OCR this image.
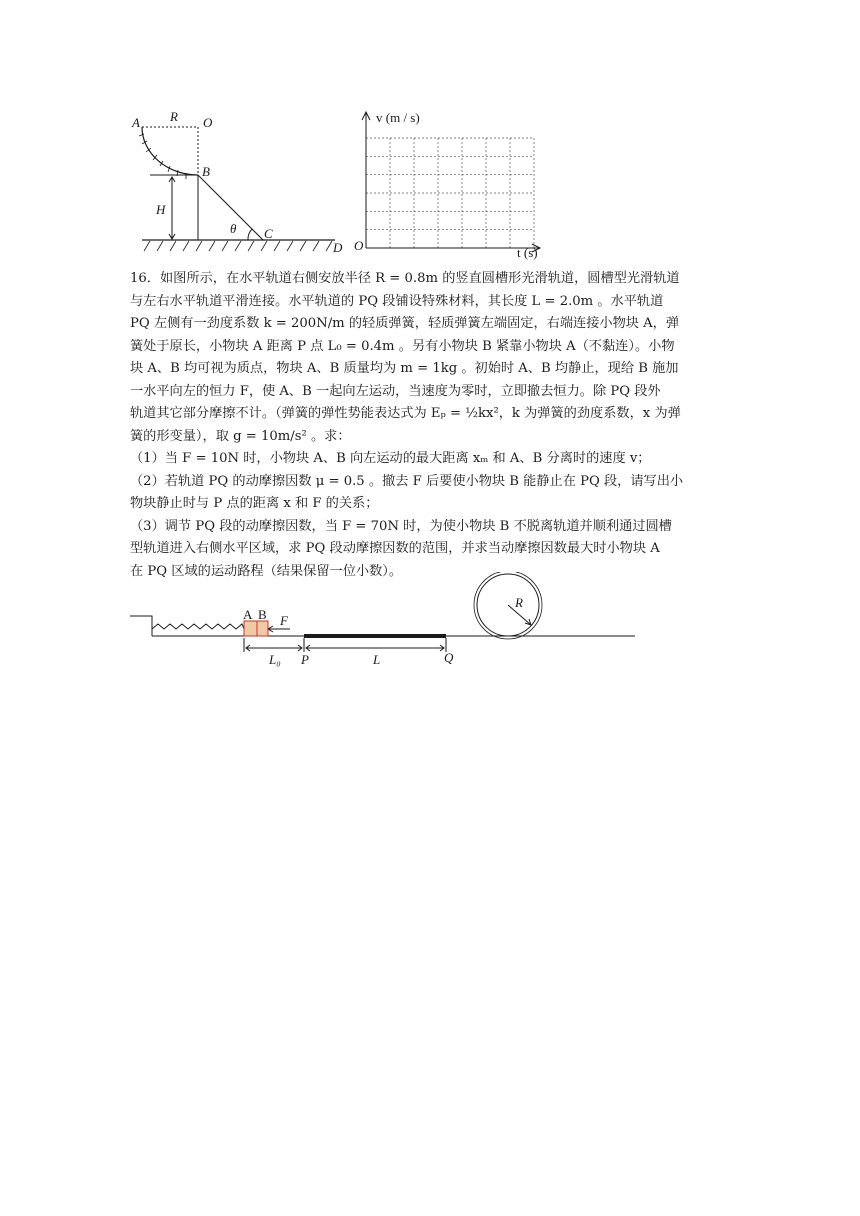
A R O
B
H
θ C
D
v (m / s)
O	t (s)

16．如图所示，在水平轨道右侧安放半径 R = 0.8m 的竖直圆槽形光滑轨道，圆槽型光滑轨道
与左右水平轨道平滑连接。水平轨道的 PQ 段铺设特殊材料，其长度 L = 2.0m 。水平轨道
PQ 左侧有一劲度系数 k = 200N/m 的轻质弹簧，轻质弹簧左端固定，右端连接小物块 A，弹
簧处于原长，小物块 A 距离 P 点 L₀ = 0.4m 。另有小物块 B 紧靠小物块 A（不黏连）。小物
块 A、B 均可视为质点，物块 A、B 质量均为 m = 1kg 。初始时 A、B 均静止，现给 B 施加
一水平向左的恒力 F，使 A、B 一起向左运动，当速度为零时，立即撤去恒力。除 PQ 段外
轨道其它部分摩擦不计。（弹簧的弹性势能表达式为 Eₚ = ½kx²，k 为弹簧的劲度系数，x 为弹
簧的形变量），取 g = 10m/s² 。求：

（1）当 F = 10N 时，小物块 A、B 向左运动的最大距离 xₘ 和 A、B 分离时的速度 v；

（2）若轨道 PQ 的动摩擦因数 μ = 0.5 。撤去 F 后要使小物块 B 能静止在 PQ 段，请写出小
物块静止时与 P 点的距离 x 和 F 的关系；

（3）调节 PQ 段的动摩擦因数，当 F = 70N 时，为使小物块 B 不脱离轨道并顺利通过圆槽
型轨道进入右侧水平区域，求 PQ 段动摩擦因数的范围，并求当动摩擦因数最大时小物块 A
在 PQ 区域的运动路程（结果保留一位小数）。

A B F
R
L₀ P	L	Q
